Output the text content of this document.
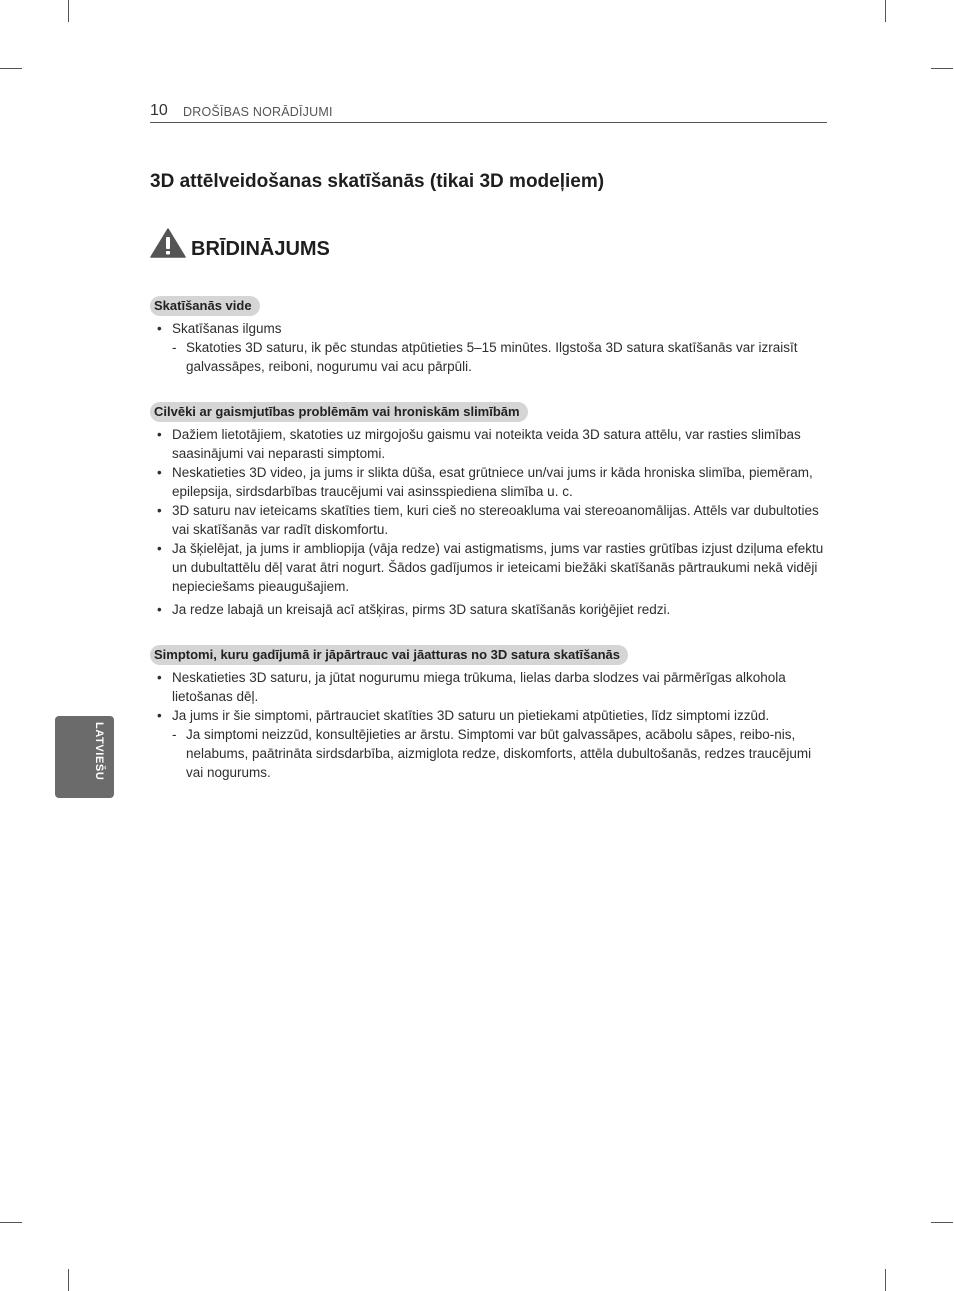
10 DROŠĪBAS NORĀDĪJUMI
3D attēlveidošanas skatīšanās (tikai 3D modeļiem)
BRĪDINĀJUMS
Skatīšanās vide
• Skatīšanas ilgums
- Skatoties 3D saturu, ik pēc stundas atpūtieties 5–15 minūtes. Ilgstoša 3D satura skatīšanās var izraisīt galvassāpes, reiboni, nogurumu vai acu pārpūli.
Cilvēki ar gaismjutības problēmām vai hroniskām slimībām
• Dažiem lietotājiem, skatoties uz mirgojošu gaismu vai noteikta veida 3D satura attēlu, var rasties slimības saasinājumi vai neparasti simptomi.
• Neskatieties 3D video, ja jums ir slikta dūša, esat grūtniece un/vai jums ir kāda hroniska slimība, piemēram, epilepsija, sirdsdarbības traucējumi vai asinsspiediena slimība u. c.
• 3D saturu nav ieteicams skatīties tiem, kuri cieš no stereoakluma vai stereoanomālijas. Attēls var dubultoties vai skatīšanās var radīt diskomfortu.
• Ja šķielējat, ja jums ir ambliopija (vāja redze) vai astigmatisms, jums var rasties grūtības izjust dziļuma efektu un dubultattēlu dēļ varat ātri nogurt. Šādos gadījumos ir ieteicami biežāki skatīšanās pārtraukumi nekā vidēji nepieciešams pieaugušajiem.
• Ja redze labajā un kreisajā acī atšķiras, pirms 3D satura skatīšanās koriģējiet redzi.
Simptomi, kuru gadījumā ir jāpārtrauc vai jāatturas no 3D satura skatīšanās
• Neskatieties 3D saturu, ja jūtat nogurumu miega trūkuma, lielas darba slodzes vai pārmērīgas alkohola lietošanas dēļ.
• Ja jums ir šie simptomi, pārtrauciet skatīties 3D saturu un pietiekami atpūtieties, līdz simptomi izzūd.
- Ja simptomi neizzūd, konsultējieties ar ārstu. Simptomi var būt galvassāpes, acābolu sāpes, reibo-nis, nelabums, paātrināta sirdsdarbība, aizmiglota redze, diskomforts, attēla dubultošanās, redzes traucējumi vai nogurums.
LATVIEŠU
